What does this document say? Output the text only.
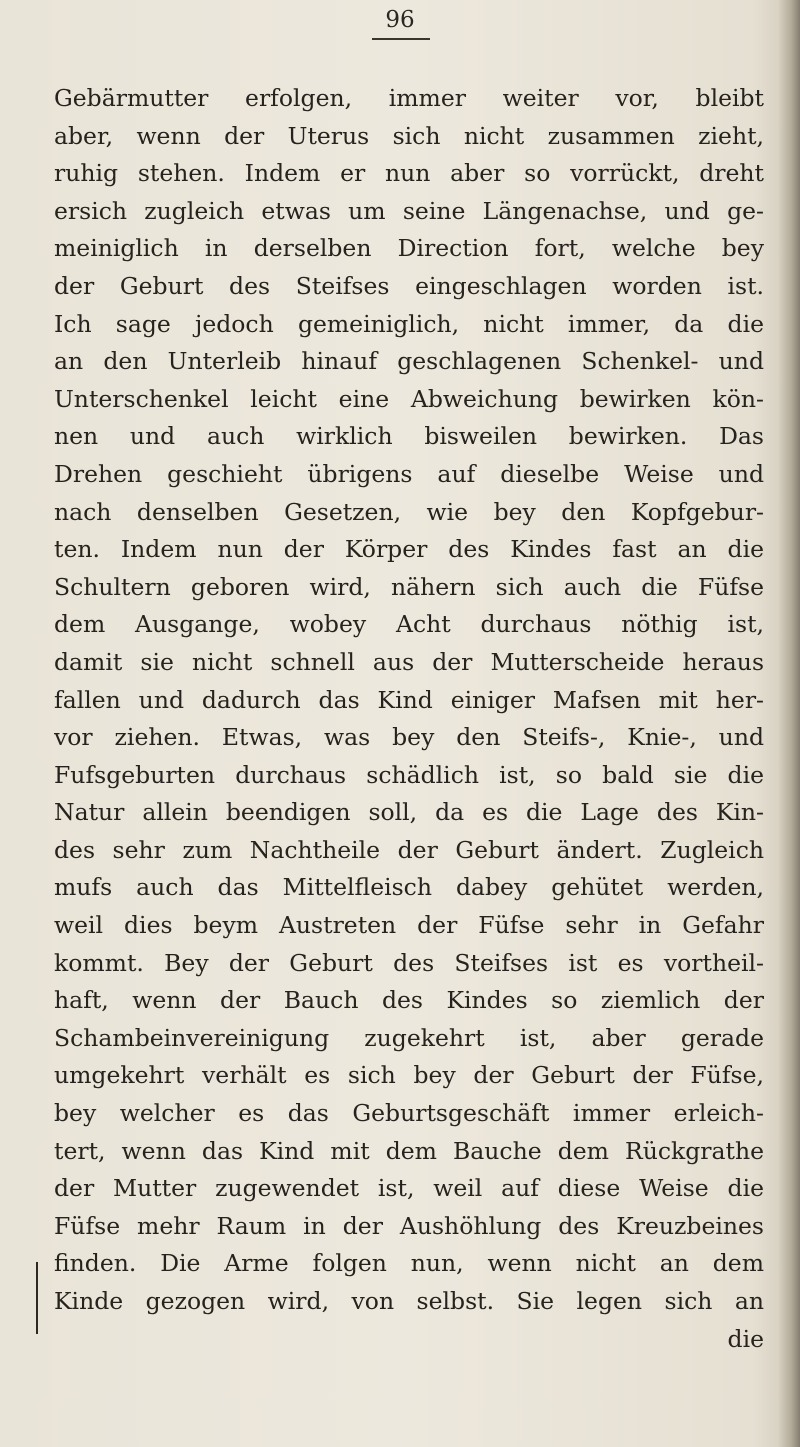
96
Gebärmutter erfolgen, immer weiter vor, bleibt
aber, wenn der Uterus sich nicht zusammen zieht,
ruhig stehen. Indem er nun aber so vorrückt, dreht
ersich zugleich etwas um seine Längenachse, und ge-
meiniglich in derselben Direction fort, welche bey
der Geburt des Steifses eingeschlagen worden ist.
Ich sage jedoch gemeiniglich, nicht immer, da die
an den Unterleib hinauf geschlagenen Schenkel- und
Unterschenkel leicht eine Abweichung bewirken kön-
nen und auch wirklich bisweilen bewirken. Das
Drehen geschieht übrigens auf dieselbe Weise und
nach denselben Gesetzen, wie bey den Kopfgebur-
ten. Indem nun der Körper des Kindes fast an die
Schultern geboren wird, nähern sich auch die Füfse
dem Ausgange, wobey Acht durchaus nöthig ist,
damit sie nicht schnell aus der Mutterscheide heraus
fallen und dadurch das Kind einiger Mafsen mit her-
vor ziehen. Etwas, was bey den Steifs-, Knie-, und
Fufsgeburten durchaus schädlich ist, so bald sie die
Natur allein beendigen soll, da es die Lage des Kin-
des sehr zum Nachtheile der Geburt ändert. Zugleich
mufs auch das Mittelfleisch dabey gehütet werden,
weil dies beym Austreten der Füfse sehr in Gefahr
kommt. Bey der Geburt des Steifses ist es vortheil-
haft, wenn der Bauch des Kindes so ziemlich der
Schambeinvereinigung zugekehrt ist, aber gerade
umgekehrt verhält es sich bey der Geburt der Füfse,
bey welcher es das Geburtsgeschäft immer erleich-
tert, wenn das Kind mit dem Bauche dem Rückgrathe
der Mutter zugewendet ist, weil auf diese Weise die
Füfse mehr Raum in der Aushöhlung des Kreuzbeines
finden. Die Arme folgen nun, wenn nicht an dem
Kinde gezogen wird, von selbst. Sie legen sich an
die
